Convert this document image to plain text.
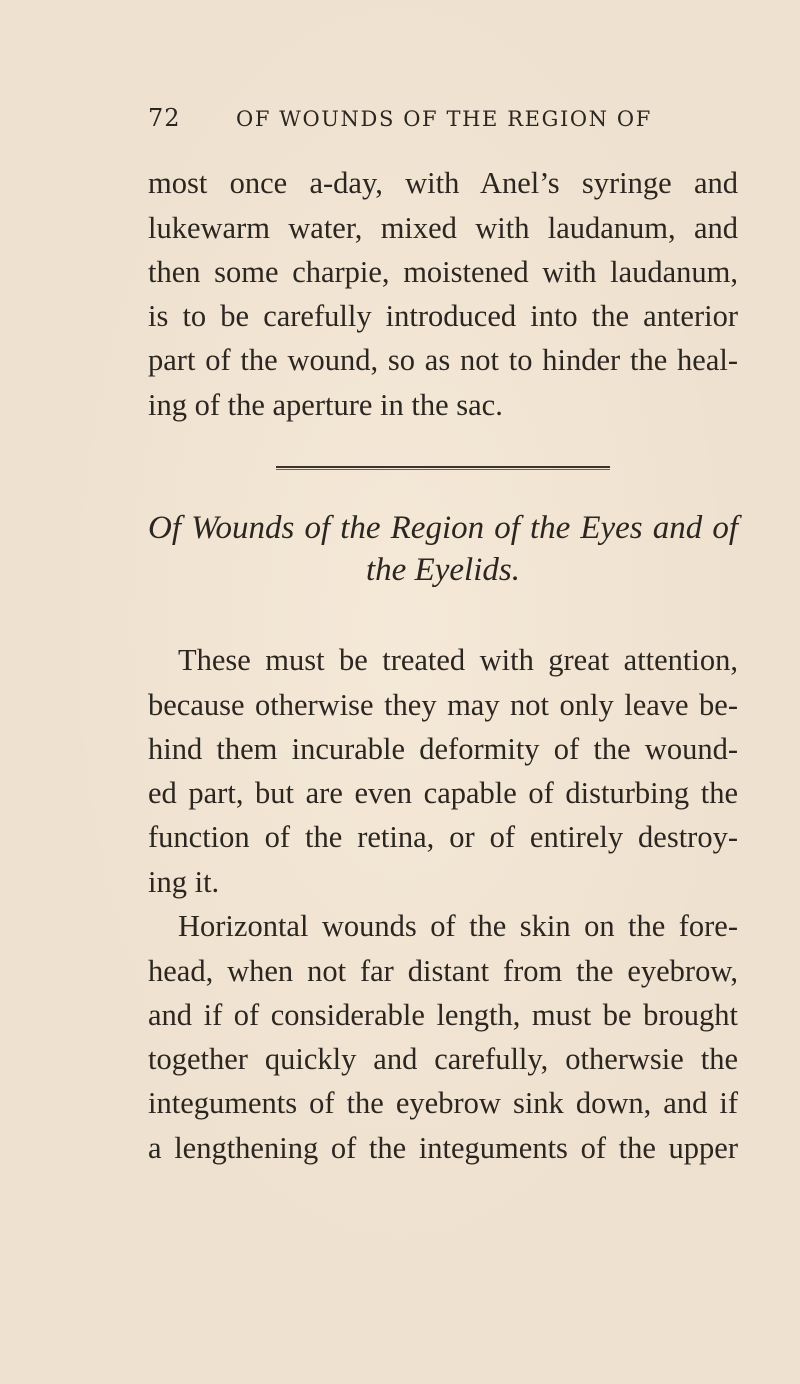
72	OF WOUNDS OF THE REGION OF
most once a-day, with Anel’s syringe and
lukewarm water, mixed with laudanum, and
then some charpie, moistened with laudanum,
is to be carefully introduced into the anterior
part of the wound, so as not to hinder the heal-
ing of the aperture in the sac.
Of Wounds of the Region of the Eyes and of
the Eyelids.
These must be treated with great attention,
because otherwise they may not only leave be-
hind them incurable deformity of the wound-
ed part, but are even capable of disturbing the
function of the retina, or of entirely destroy-
ing it.
Horizontal wounds of the skin on the fore-
head, when not far distant from the eyebrow,
and if of considerable length, must be brought
together quickly and carefully, otherwsie the
integuments of the eyebrow sink down, and if
a lengthening of the integuments of the upper
